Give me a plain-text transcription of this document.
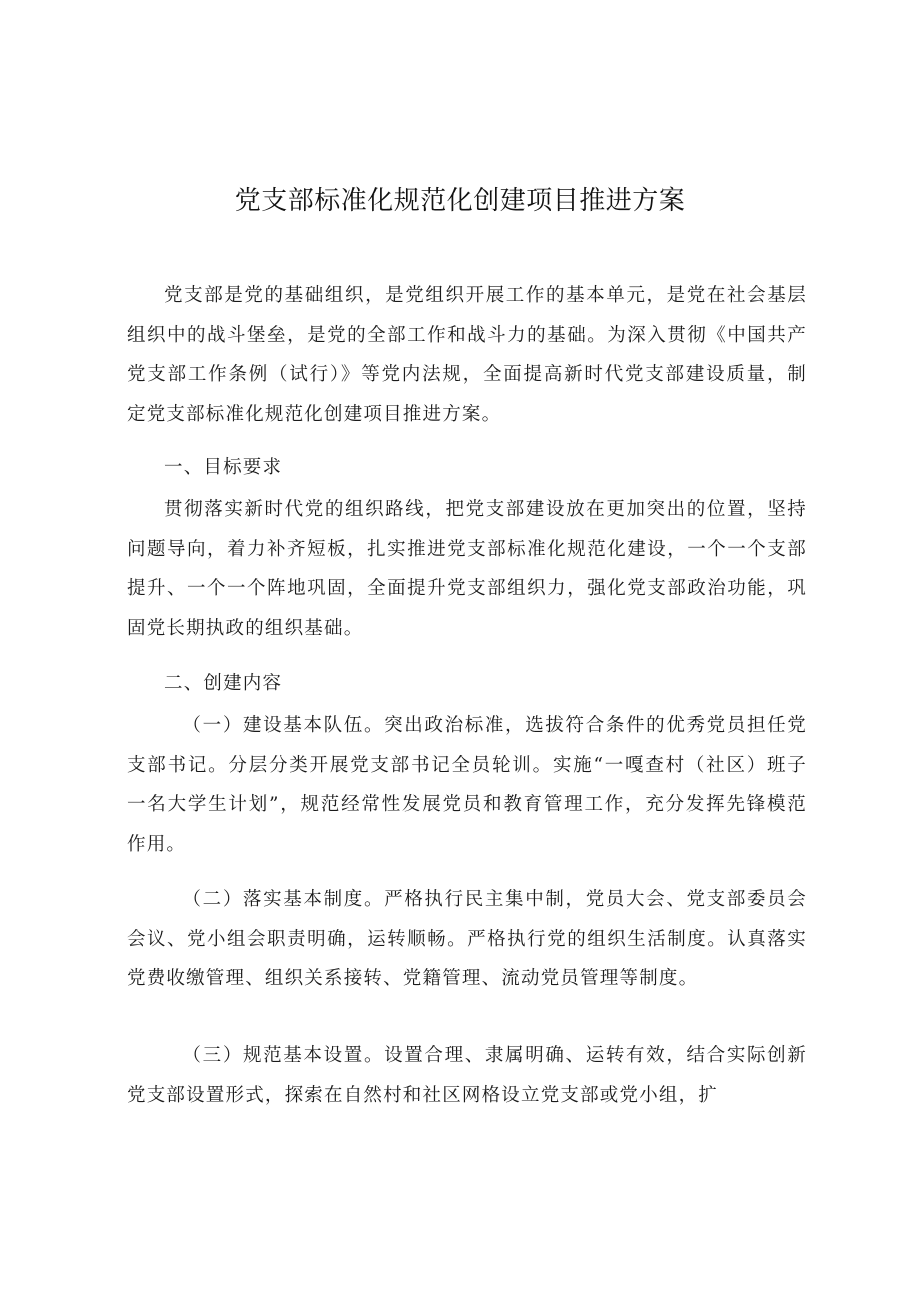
党支部标准化规范化创建项目推进方案

党支部是党的基础组织，是党组织开展工作的基本单元，是党在社会基层组织中的战斗堡垒，是党的全部工作和战斗力的基础。为深入贯彻《中国共产党支部工作条例（试行）》等党内法规，全面提高新时代党支部建设质量，制定党支部标准化规范化创建项目推进方案。

一、目标要求

贯彻落实新时代党的组织路线，把党支部建设放在更加突出的位置，坚持问题导向，着力补齐短板，扎实推进党支部标准化规范化建设，一个一个支部提升、一个一个阵地巩固，全面提升党支部组织力，强化党支部政治功能，巩固党长期执政的组织基础。

二、创建内容

（一）建设基本队伍。突出政治标准，选拔符合条件的优秀党员担任党支部书记。分层分类开展党支部书记全员轮训。实施“一嘎查村（社区）班子一名大学生计划”，规范经常性发展党员和教育管理工作，充分发挥先锋模范作用。

（二）落实基本制度。严格执行民主集中制，党员大会、党支部委员会会议、党小组会职责明确，运转顺畅。严格执行党的组织生活制度。认真落实党费收缴管理、组织关系接转、党籍管理、流动党员管理等制度。

（三）规范基本设置。设置合理、隶属明确、运转有效，结合实际创新党支部设置形式，探索在自然村和社区网格设立党支部或党小组，扩
